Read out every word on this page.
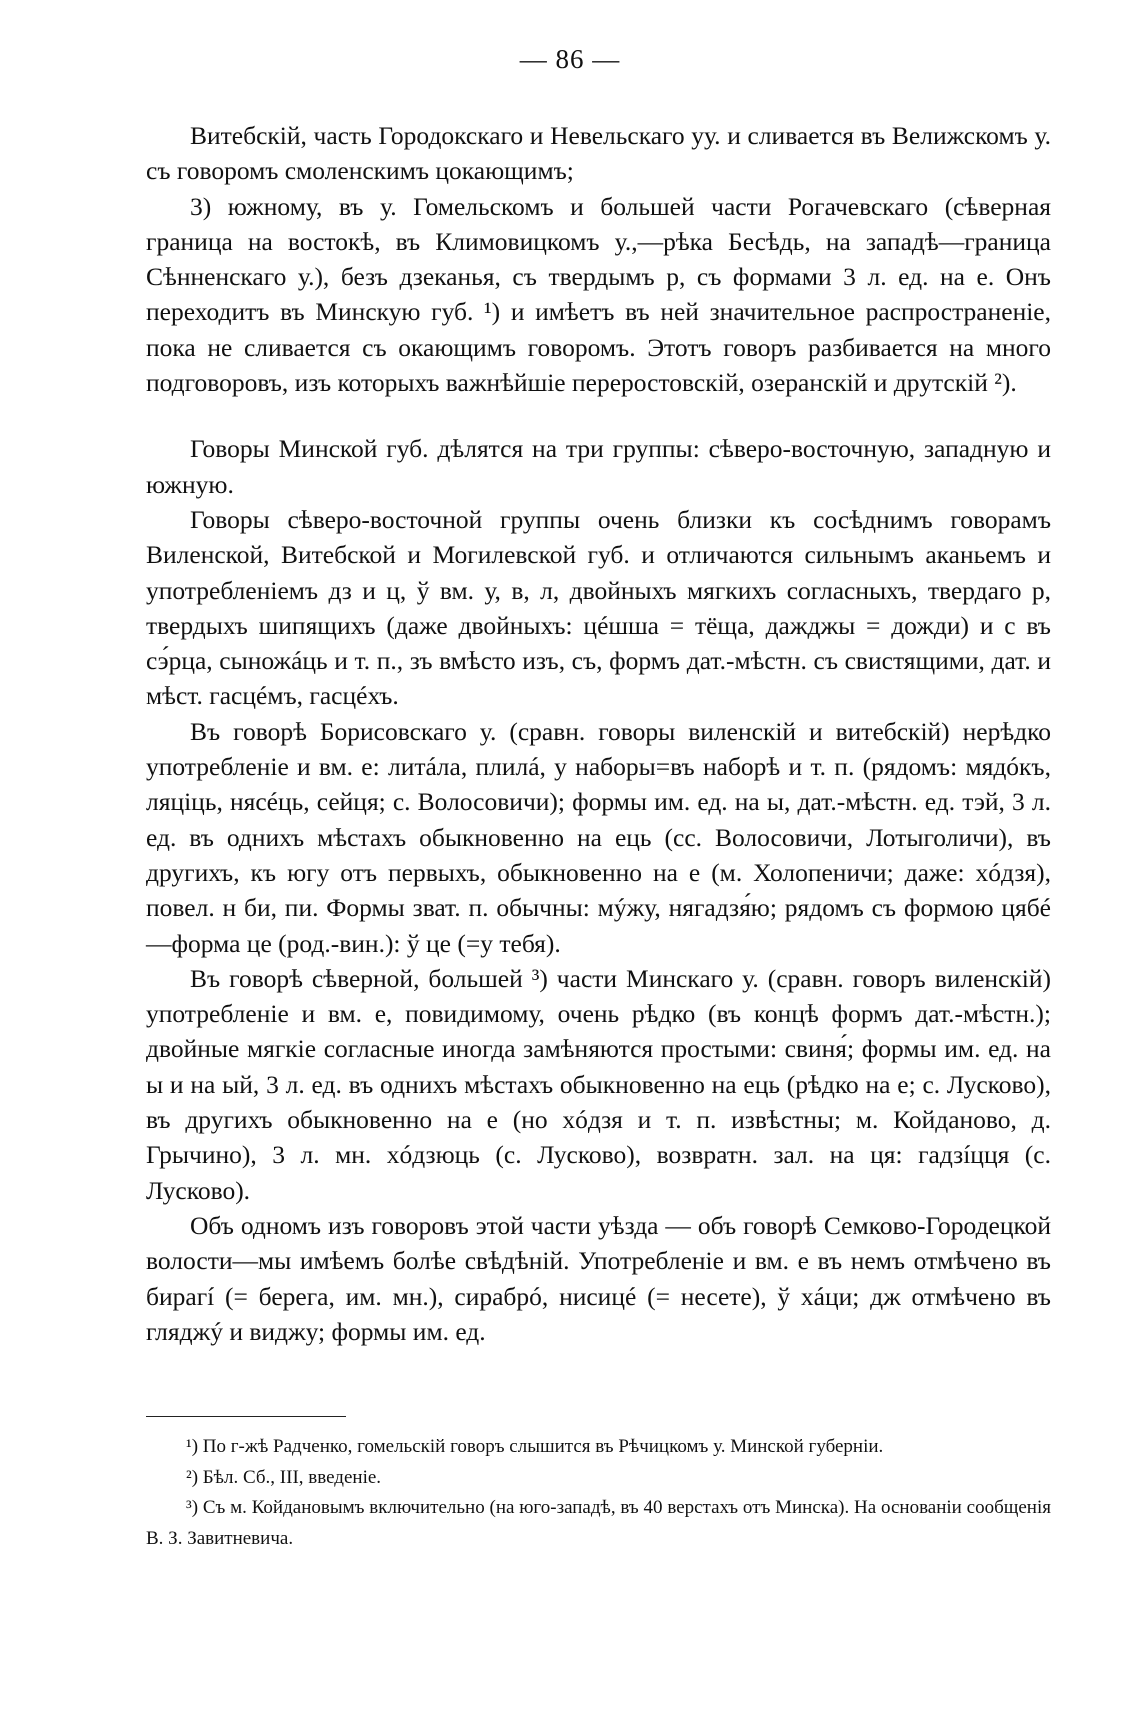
— 86 —

Витебскій, часть Городокскаго и Невельскаго уу. и сливается въ Велижскомъ у. съ говоромъ смоленскимъ цокающимъ;

3) южному, въ у. Гомельскомъ и большей части Рогачевскаго (сѣверная граница на востокѣ, въ Климовицкомъ у.,—рѣка Бесѣдь, на западѣ—граница Сѣнненскаго у.), безъ дзеканья, съ твердымъ р, съ формами 3 л. ед. на е. Онъ переходитъ въ Минскую губ. ¹) и имѣетъ въ ней значительное распространеніе, пока не сливается съ окающимъ говоромъ. Этотъ говоръ разбивается на много подговоровъ, изъ которыхъ важнѣйшіе переростовскій, озеранскій и друтскій ²).

Говоры Минской губ. дѣлятся на три группы: сѣверо-восточную, западную и южную.

Говоры сѣверо-восточной группы очень близки къ сосѣднимъ говорамъ Виленской, Витебской и Могилевской губ. и отличаются сильнымъ аканьемъ и употребленіемъ дз и ц, ў вм. у, в, л, двойныхъ мягкихъ согласныхъ, твердаго р, твердыхъ шипящихъ (даже двойныхъ: цéшша = тёща, дажджы = дожди) и с въ сэ́рца, сыножáць и т. п., зъ вмѣсто изъ, съ, формъ дат.-мѣстн. съ свистящими, дат. и мѣст. гасцéмъ, гасцéхъ.

Въ говорѣ Борисовскаго у. (сравн. говоры виленскій и витебскій) нерѣдко употребленіе и вм. е: литáла, плилá, у наборы=въ наборѣ и т. п. (рядомъ: мядóкъ, ляціць, нясéць, сейця; с. Волосовичи); формы им. ед. на ы, дат.-мѣстн. ед. тэй, 3 л. ед. въ однихъ мѣстахъ обыкновенно на ець (сс. Волосовичи, Лотыголичи), въ другихъ, къ югу отъ первыхъ, обыкновенно на е (м. Холопеничи; даже: хóдзя), повел. н би, пи. Формы зват. п. обычны: мýжу, нягадзя́ю; рядомъ съ формою цябé—форма це (род.-вин.): ў це (=у тебя).

Въ говорѣ сѣверной, большей ³) части Минскаго у. (сравн. говоръ виленскій) употребленіе и вм. е, повидимому, очень рѣдко (въ концѣ формъ дат.-мѣстн.); двойные мягкіе согласные иногда замѣняются простыми: свиня́; формы им. ед. на ы и на ый, 3 л. ед. въ однихъ мѣстахъ обыкновенно на ець (рѣдко на е; с. Лусково), въ другихъ обыкновенно на е (но хóдзя и т. п. извѣстны; м. Койданово, д. Грычино), 3 л. мн. хóдзюць (с. Лусково), возвратн. зал. на ця: гадзíцця (с. Лусково).

Объ одномъ изъ говоровъ этой части уѣзда — объ говорѣ Семково-Городецкой волости—мы имѣемъ болѣе свѣдѣній. Употребленіе и вм. е въ немъ отмѣчено въ бирагí (= берега, им. мн.), сирабрó, нисицé (= несете), ў хáци; дж отмѣчено въ гляджý и виджу; формы им. ед.

¹) По г-жѣ Радченко, гомельскій говоръ слышится въ Рѣчицкомъ у. Минской губерніи.

²) Бѣл. Сб., III, введеніе.

³) Съ м. Койдановымъ включительно (на юго-западѣ, въ 40 верстахъ отъ Минска). На основаніи сообщенія В. З. Завитневича.
